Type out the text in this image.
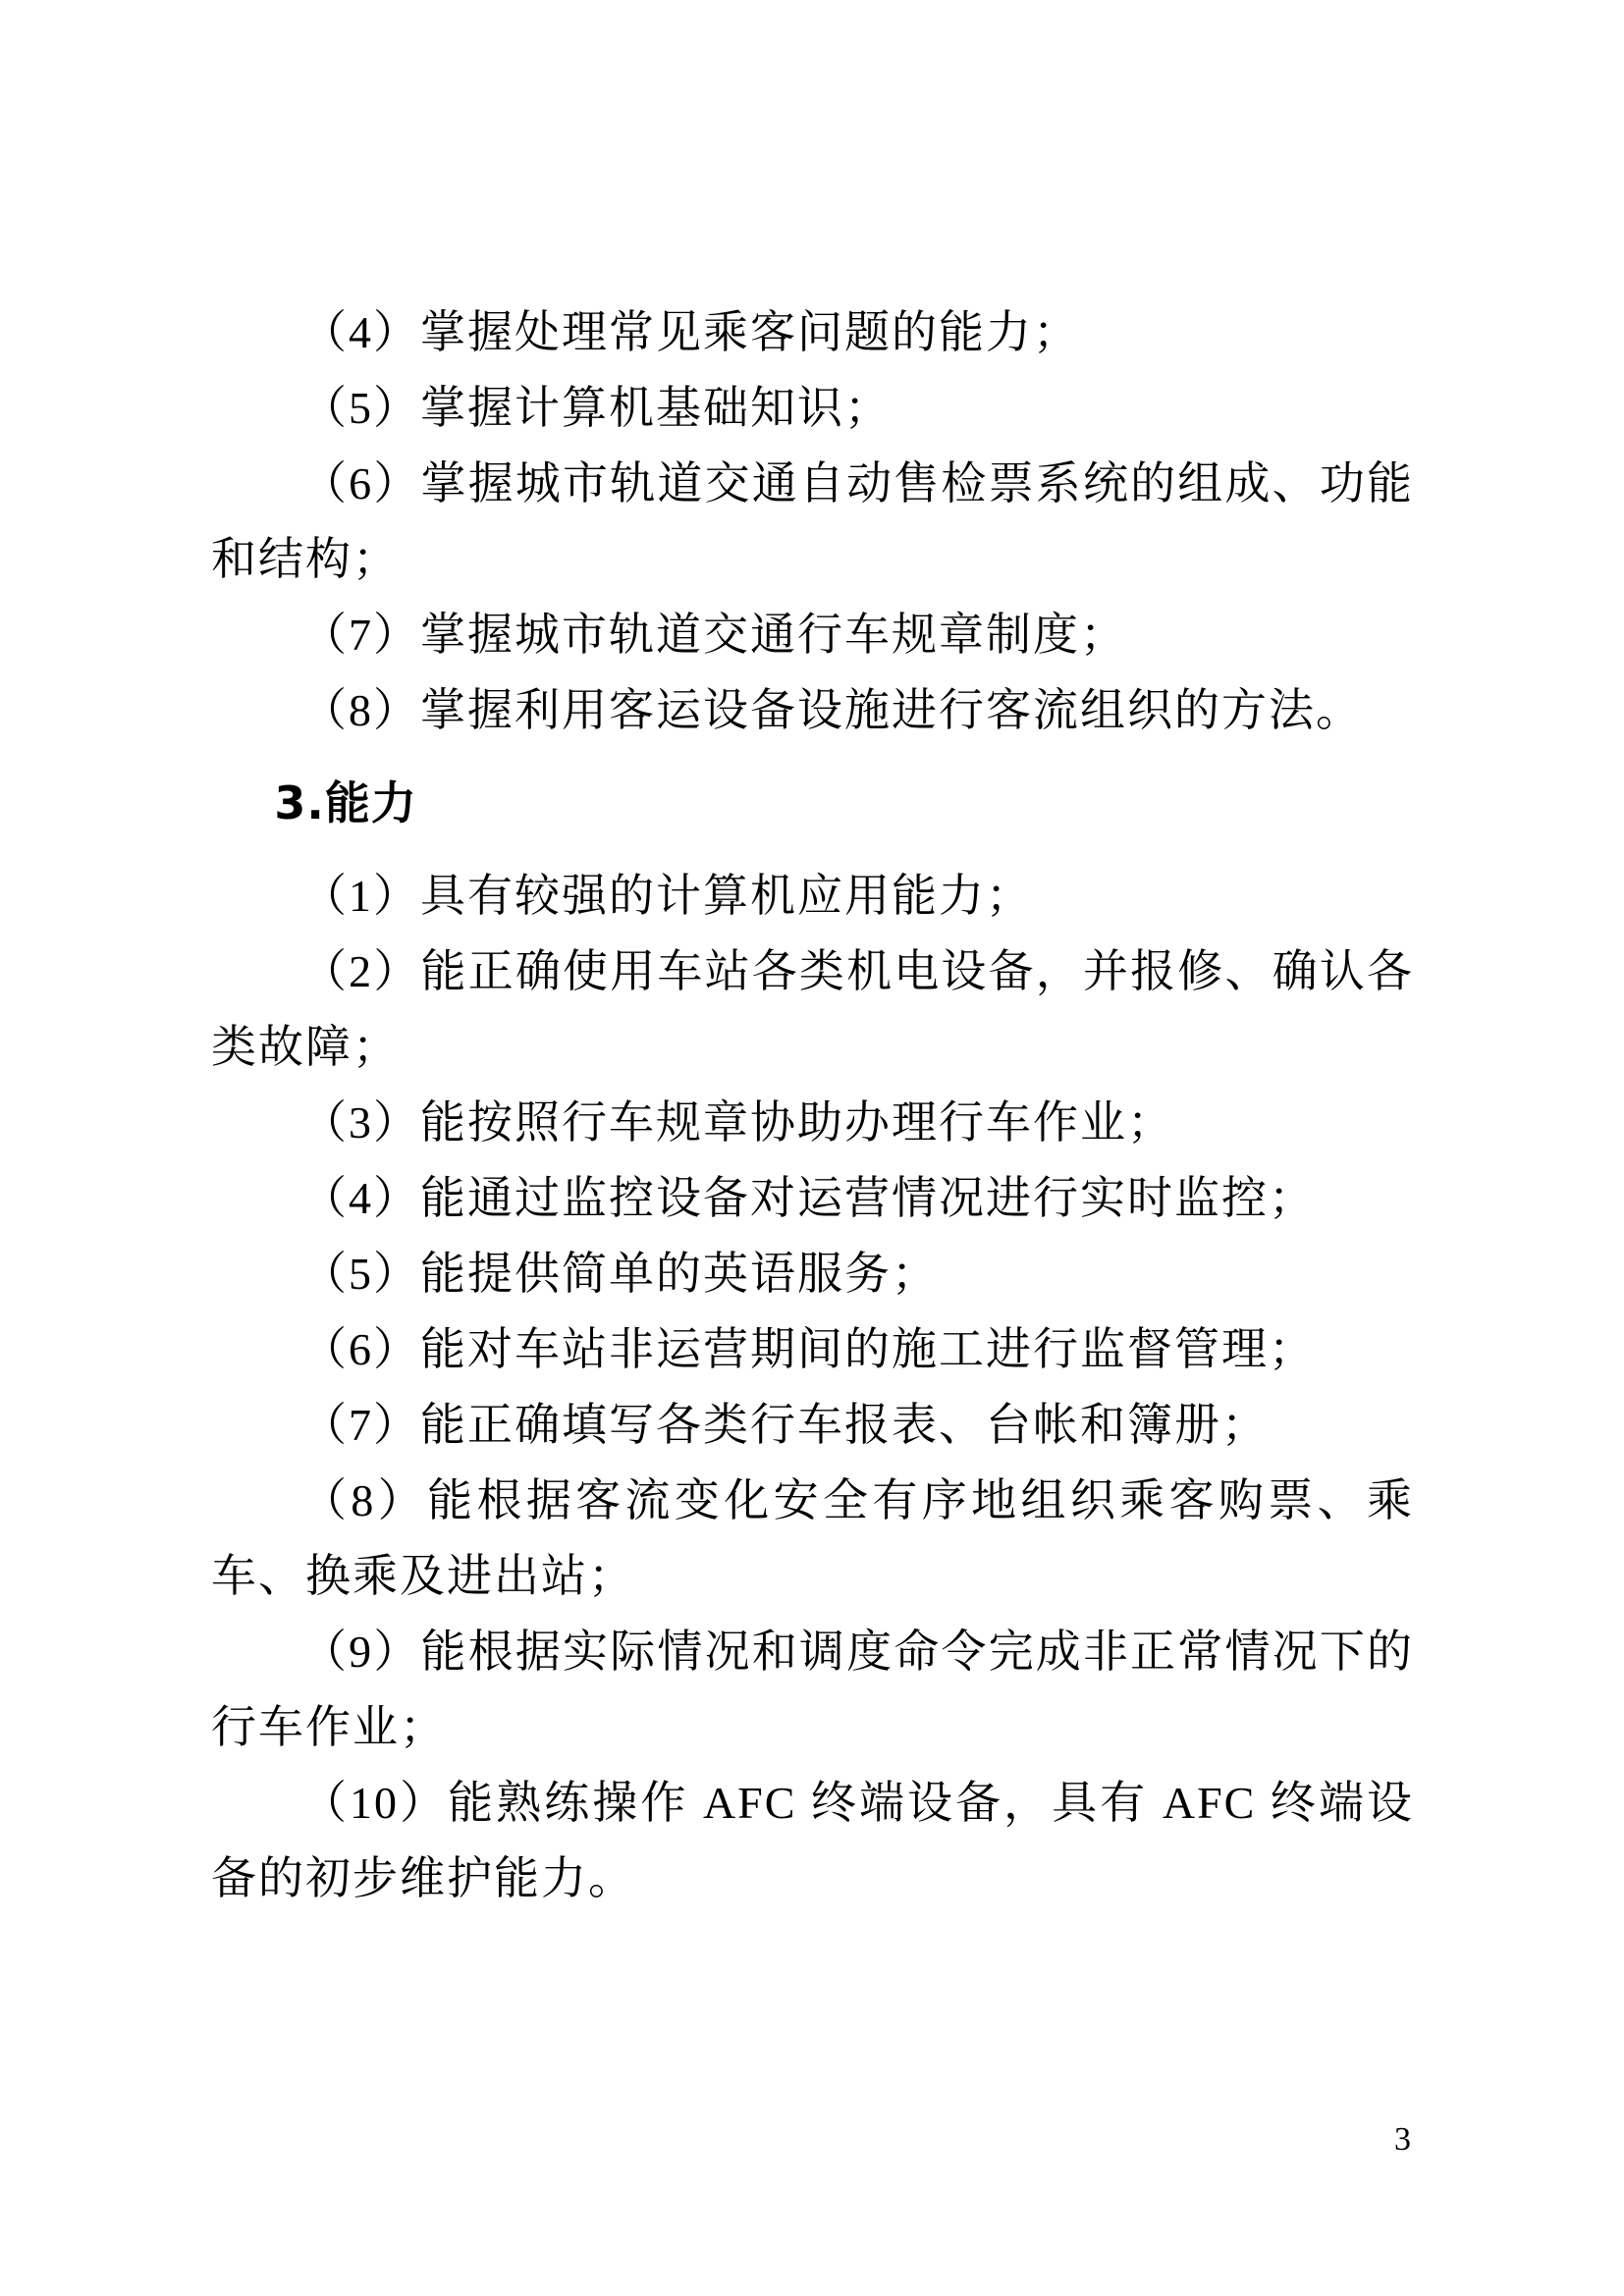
（4）掌握处理常见乘客问题的能力；

（5）掌握计算机基础知识；

（6）掌握城市轨道交通自动售检票系统的组成、功能和结构；

（7）掌握城市轨道交通行车规章制度；

（8）掌握利用客运设备设施进行客流组织的方法。

3.能力

（1）具有较强的计算机应用能力；

（2）能正确使用车站各类机电设备，并报修、确认各类故障；

（3）能按照行车规章协助办理行车作业；

（4）能通过监控设备对运营情况进行实时监控；

（5）能提供简单的英语服务；

（6）能对车站非运营期间的施工进行监督管理；

（7）能正确填写各类行车报表、台帐和簿册；

（8）能根据客流变化安全有序地组织乘客购票、乘车、换乘及进出站；

（9）能根据实际情况和调度命令完成非正常情况下的行车作业；

（10）能熟练操作 AFC 终端设备，具有 AFC 终端设备的初步维护能力。

3
